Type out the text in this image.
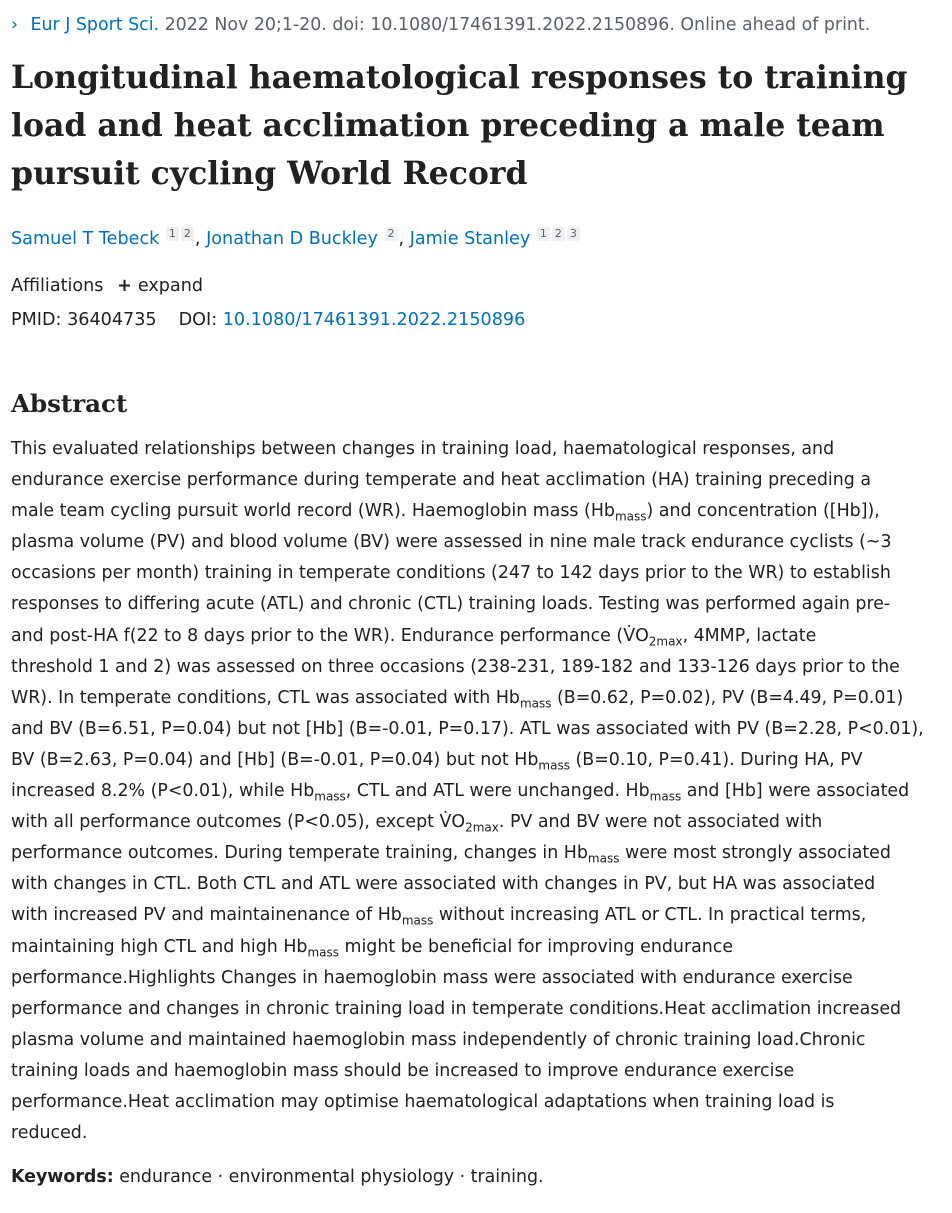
› Eur J Sport Sci. 2022 Nov 20;1-20. doi: 10.1080/17461391.2022.2150896. Online ahead of print.
Longitudinal haematological responses to training load and heat acclimation preceding a male team pursuit cycling World Record
Samuel T Tebeck 1 2 , Jonathan D Buckley 2 , Jamie Stanley 1 2 3
Affiliations + expand
PMID: 36404735 DOI: 10.1080/17461391.2022.2150896
Abstract
This evaluated relationships between changes in training load, haematological responses, and
endurance exercise performance during temperate and heat acclimation (HA) training preceding a
male team cycling pursuit world record (WR). Haemoglobin mass $(Hb_{mass})$ and concentration ([Hb]),
plasma volume (PV) and blood volume (BV) were assessed in nine male track endurance cyclists (~3
occasions per month) training in temperate conditions (247 to 142 days prior to the WR) to establish
responses to differing acute (ATL) and chronic (CTL) training loads. Testing was performed again pre-
and post-HA f(22 to 8 days prior to the WR). Endurance performance ($V̇O_{2max}$, 4MMP, lactate
threshold 1 and 2) was assessed on three occasions (238-231, 189-182 and 133-126 days prior to the
WR). In temperate conditions, CTL was associated with $Hb_{mass}$ (B=0.62, P=0.02), PV (B=4.49, P=0.01)
and BV (B=6.51, P=0.04) but not [Hb] (B=-0.01, P=0.17). ATL was associated with PV (B=2.28, P<0.01),
BV (B=2.63, P=0.04) and [Hb] (B=-0.01, P=0.04) but not $Hb_{mass}$ (B=0.10, P=0.41). During HA, PV
increased 8.2% (P<0.01), while $Hb_{mass}$, CTL and ATL were unchanged. $Hb_{mass}$ and [Hb] were associated
with all performance outcomes (P<0.05), except $V̇O_{2max}$. PV and BV were not associated with
performance outcomes. During temperate training, changes in $Hb_{mass}$ were most strongly associated
with changes in CTL. Both CTL and ATL were associated with changes in PV, but HA was associated
with increased PV and maintainenance of $Hb_{mass}$ without increasing ATL or CTL. In practical terms,
maintaining high CTL and high $Hb_{mass}$ might be beneficial for improving endurance
performance.Highlights Changes in haemoglobin mass were associated with endurance exercise
performance and changes in chronic training load in temperate conditions.Heat acclimation increased
plasma volume and maintained haemoglobin mass independently of chronic training load.Chronic
training loads and haemoglobin mass should be increased to improve endurance exercise
performance.Heat acclimation may optimise haematological adaptations when training load is
reduced.
Keywords: endurance · environmental physiology · training.
